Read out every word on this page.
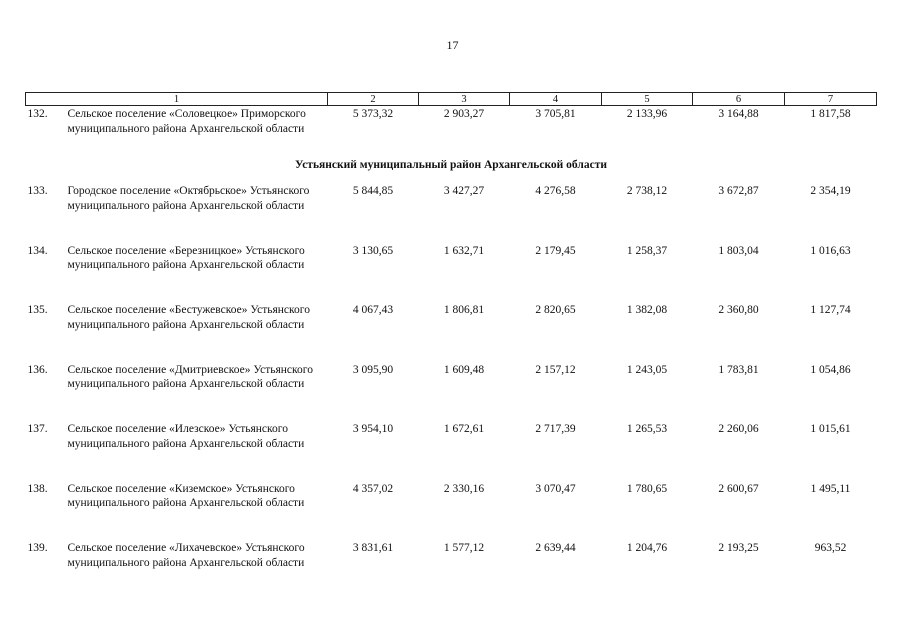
17
1		2	3	4	5	6	7
132.	Сельское поселение «Соловецкое» Приморского муниципального района Архангельской области	5 373,32	2 903,27	3 705,81	2 133,96	3 164,88	1 817,58
Устьянский муниципальный район Архангельской области							
133.	Городское поселение «Октябрьское» Устьянского муниципального района Архангельской области	5 844,85	3 427,27	4 276,58	2 738,12	3 672,87	2 354,19
134.	Сельское поселение «Березницкое» Устьянского муниципального района Архангельской области	3 130,65	1 632,71	2 179,45	1 258,37	1 803,04	1 016,63
135.	Сельское поселение «Бестужевское» Устьянского муниципального района Архангельской области	4 067,43	1 806,81	2 820,65	1 382,08	2 360,80	1 127,74
136.	Сельское поселение «Дмитриевское» Устьянского муниципального района Архангельской области	3 095,90	1 609,48	2 157,12	1 243,05	1 783,81	1 054,86
137.	Сельское поселение «Илезское» Устьянского муниципального района Архангельской области	3 954,10	1 672,61	2 717,39	1 265,53	2 260,06	1 015,61
138.	Сельское поселение «Киземское» Устьянского муниципального района Архангельской области	4 357,02	2 330,16	3 070,47	1 780,65	2 600,67	1 495,11
139.	Сельское поселение «Лихачевское» Устьянского муниципального района Архангельской области	3 831,61	1 577,12	2 639,44	1 204,76	2 193,25	963,52
